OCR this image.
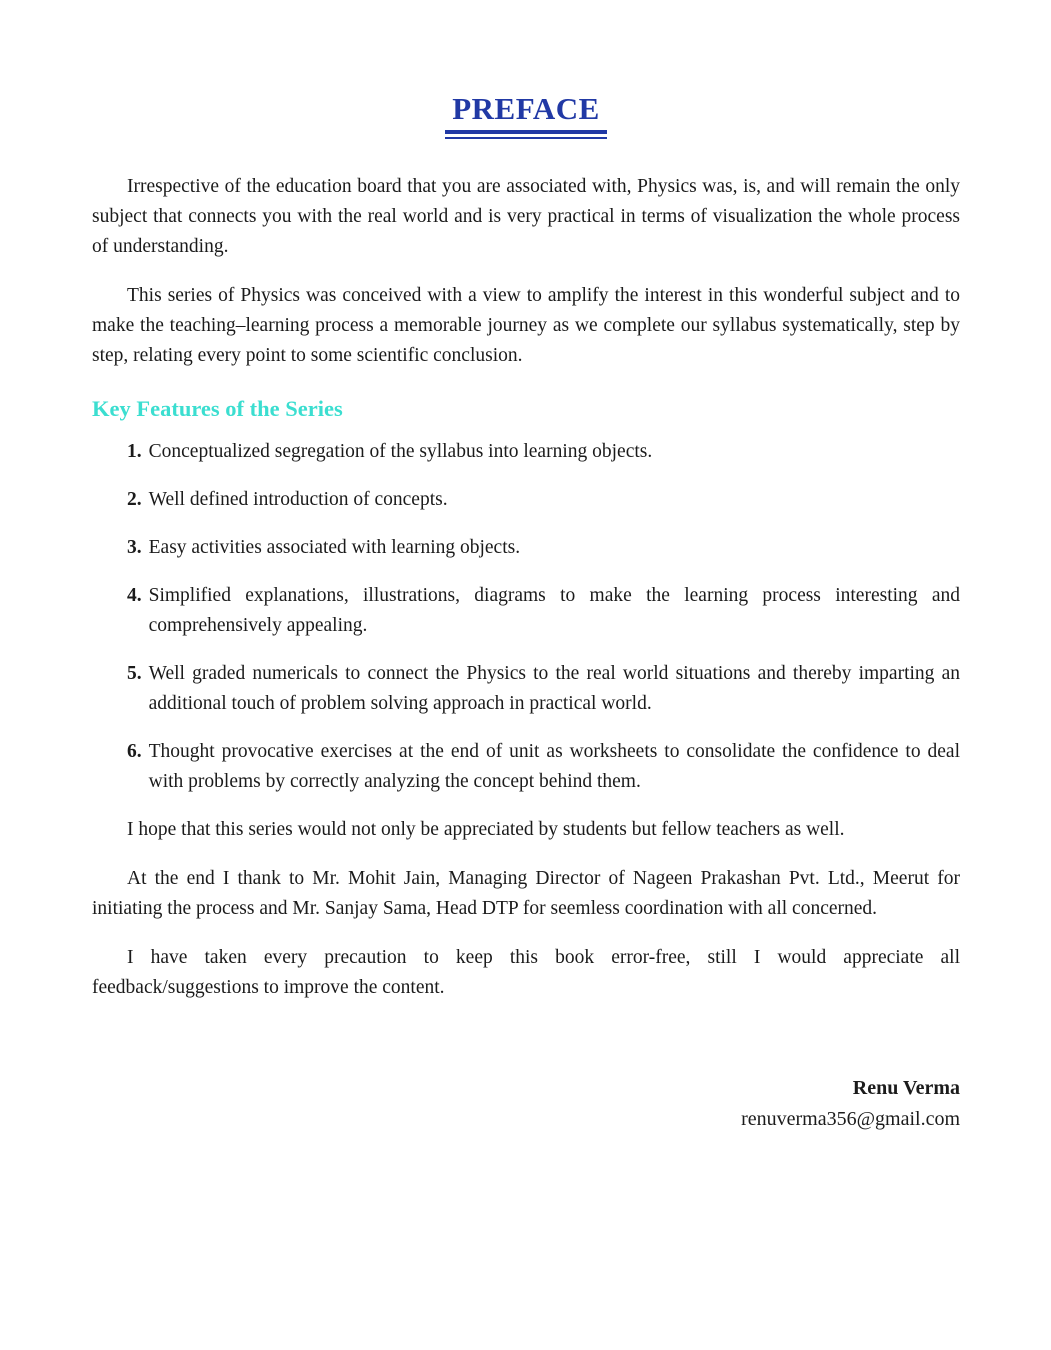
PREFACE

Irrespective of the education board that you are associated with, Physics was, is, and will remain the only subject that connects you with the real world and is very practical in terms of visualization the whole process of understanding.

This series of Physics was conceived with a view to amplify the interest in this wonderful subject and to make the teaching–learning process a memorable journey as we complete our syllabus systematically, step by step, relating every point to some scientific conclusion.

Key Features of the Series
1. Conceptualized segregation of the syllabus into learning objects.
2. Well defined introduction of concepts.
3. Easy activities associated with learning objects.
4. Simplified explanations, illustrations, diagrams to make the learning process interesting and comprehensively appealing.
5. Well graded numericals to connect the Physics to the real world situations and thereby imparting an additional touch of problem solving approach in practical world.
6. Thought provocative exercises at the end of unit as worksheets to consolidate the confidence to deal with problems by correctly analyzing the concept behind them.

I hope that this series would not only be appreciated by students but fellow teachers as well.

At the end I thank to Mr. Mohit Jain, Managing Director of Nageen Prakashan Pvt. Ltd., Meerut for initiating the process and Mr. Sanjay Sama, Head DTP for seemless coordination with all concerned.

I have taken every precaution to keep this book error-free, still I would appreciate all feedback/suggestions to improve the content.

Renu Verma
renuverma356@gmail.com
